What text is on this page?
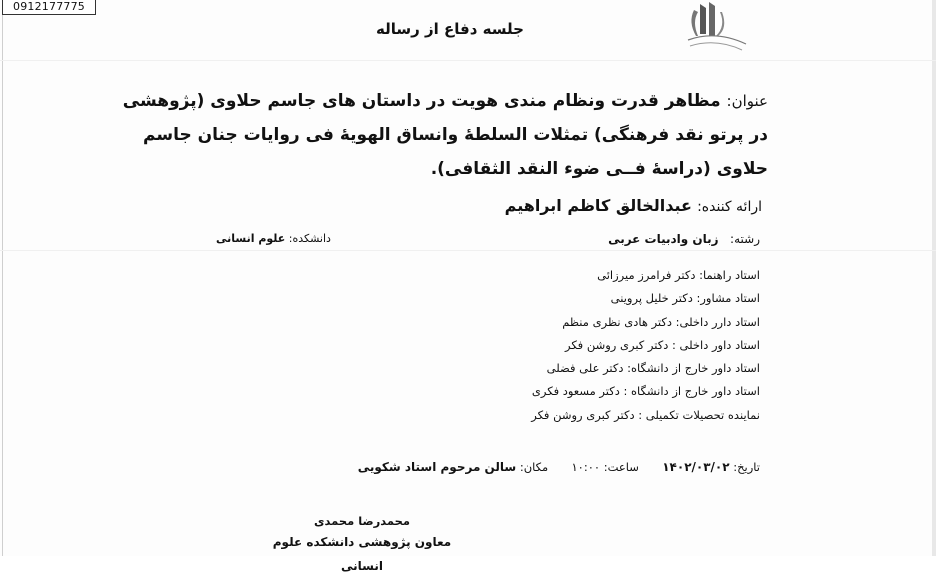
0912177775
جلسه دفاع از رساله
عنوان: مظاهر قدرت ونظام مندی هویت در داستان های جاسم حلاوی (پژوهشی
در پرتو نقد فرهنگی) تمثلات السلطهٔ وانساق الهویهٔ فی روایات جنان جاسم
حلاوی (دراسهٔ فــی ضوء النقد الثقافی).
ارائه کننده: عبدالخالق کاظم ابراهیم
رشته:   زبان وادبیات عربی
دانشکده: علوم انسانی
استاد راهنما: دکتر فرامرز میرزائی
استاد مشاور: دکتر خلیل پروینی
استاد دارر داخلی: دکتر هادی نظری منظم
استاد داور داخلی : دکتر کبری روشن فکر
استاد داور خارج از دانشگاه: دکتر علی فضلی
استاد داور خارج از دانشگاه : دکتر مسعود فکری
نماینده تحصیلات تکمیلی : دکتر کبری روشن فکر
تاریخ: ۱۴۰۲/۰۳/۰۲  ساعت: ۱۰:۰۰  مکان: سالن مرحوم استاد شکویی
محمدرضا محمدی
معاون پژوهشی دانشکده علوم انسانی
